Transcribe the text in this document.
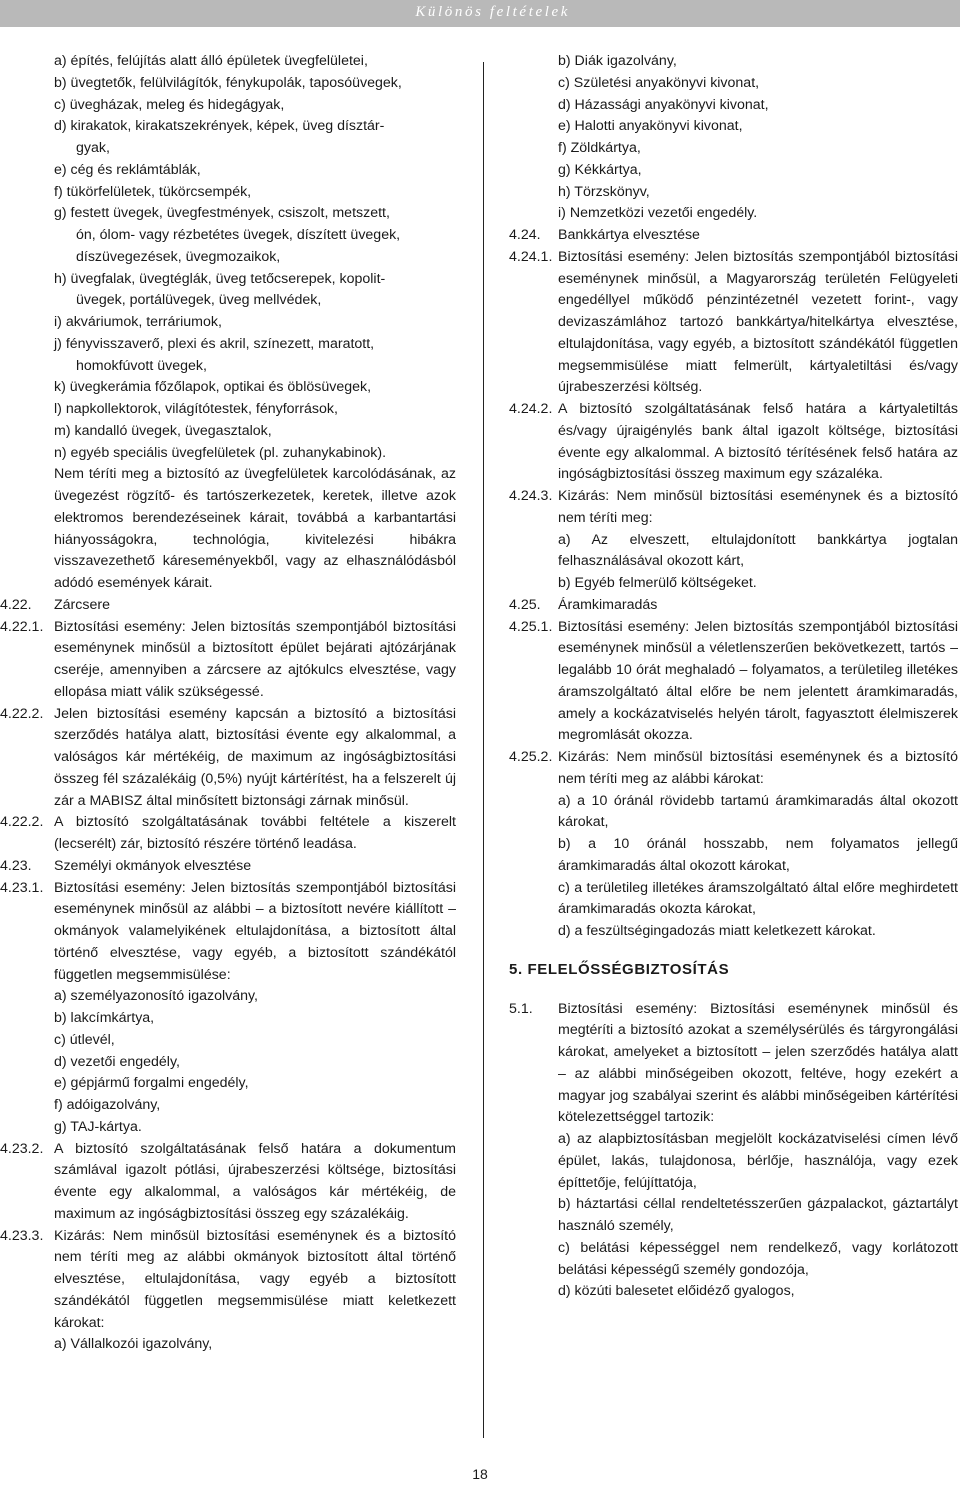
Különös feltételek
a) építés, felújítás alatt álló épületek üvegfelületei,
b) üvegtetők, felülvilágítók, fénykupolák, taposóüvegek,
c) üvegházak, meleg és hidegágyak,
d) kirakatok, kirakatszekrények, képek, üveg dísztár-
gyak,
e) cég és reklámtáblák,
f) tükörfelületek, tükörcsempék,
g) festett üvegek, üvegfestmények, csiszolt, metszett,
ón, ólom- vagy rézbetétes üvegek, díszített üvegek,
díszüvegezések, üvegmozaikok,
h) üvegfalak, üvegtéglák, üveg tetőcserepek, kopolit-
üvegek, portálüvegek, üveg mellvédek,
i) akváriumok, terráriumok,
j) fényvisszaverő, plexi és akril, színezett, maratott,
homokfúvott üvegek,
k) üvegkerámia főzőlapok, optikai és öblösüvegek,
l) napkollektorok, világítótestek, fényforrások,
m) kandalló üvegek, üvegasztalok,
n) egyéb speciális üvegfelületek (pl. zuhanykabinok).
Nem téríti meg a biztosító az üvegfelületek karcolódásának, az üvegezést rögzítő- és tartószerkezetek, keretek, illetve azok elektromos berendezéseinek kárait, továbbá a karbantartási hiányosságokra, technológia, kivitelezési hibákra visszavezethető káreseményekből, vagy az elhasználódásból adódó események kárait.
4.22. Zárcsere
4.22.1. Biztosítási esemény: Jelen biztosítás szempontjából biztosítási eseménynek minősül a biztosított épület bejárati ajtózárjának cseréje, amennyiben a zárcsere az ajtókulcs elvesztése, vagy ellopása miatt válik szükségessé.
4.22.2. Jelen biztosítási esemény kapcsán a biztosító a biztosítási szerződés hatálya alatt, biztosítási évente egy alkalommal, a valóságos kár mértékéig, de maximum az ingóságbiztosítási összeg fél százalékáig (0,5%) nyújt kártérítést, ha a felszerelt új zár a MABISZ által minősített biztonsági zárnak minősül.
4.22.2. A biztosító szolgáltatásának további feltétele a kiszerelt (lecserélt) zár, biztosító részére történő leadása.
4.23. Személyi okmányok elvesztése
4.23.1. Biztosítási esemény: Jelen biztosítás szempontjából biztosítási eseménynek minősül az alábbi – a biztosított nevére kiállított – okmányok valamelyikének eltulajdonítása, a biztosított által történő elvesztése, vagy egyéb, a biztosított szándékától független megsemmisülése:
a) személyazonosító igazolvány,
b) lakcímkártya,
c) útlevél,
d) vezetői engedély,
e) gépjármű forgalmi engedély,
f) adóigazolvány,
g) TAJ-kártya.
4.23.2. A biztosító szolgáltatásának felső határa a dokumentum számlával igazolt pótlási, újrabeszerzési költsége, biztosítási évente egy alkalommal, a valóságos kár mértékéig, de maximum az ingóságbiztosítási összeg egy százalékáig.
4.23.3. Kizárás: Nem minősül biztosítási eseménynek és a biztosító nem téríti meg az alábbi okmányok biztosított által történő elvesztése, eltulajdonítása, vagy egyéb a biztosított szándékától független megsemmisülése miatt keletkezett károkat:
a) Vállalkozói igazolvány,
b) Diák igazolvány,
c) Születési anyakönyvi kivonat,
d) Házassági anyakönyvi kivonat,
e) Halotti anyakönyvi kivonat,
f) Zöldkártya,
g) Kékkártya,
h) Törzskönyv,
i) Nemzetközi vezetői engedély.
4.24. Bankkártya elvesztése
4.24.1. Biztosítási esemény: Jelen biztosítás szempontjából biztosítási eseménynek minősül, a Magyarország területén Felügyeleti engedéllyel működő pénzintézetnél vezetett forint-, vagy devizaszámlához tartozó bankkártya/hitelkártya elvesztése, eltulajdonítása, vagy egyéb, a biztosított szándékától független megsemmisülése miatt felmerült, kártyaletiltási és/vagy újrabeszerzési költség.
4.24.2. A biztosító szolgáltatásának felső határa a kártyaletiltás és/vagy újraigénylés bank által igazolt költsége, biztosítási évente egy alkalommal. A biztosító térítésének felső határa az ingóságbiztosítási összeg maximum egy százaléka.
4.24.3. Kizárás: Nem minősül biztosítási eseménynek és a biztosító nem téríti meg:
a) Az elveszett, eltulajdonított bankkártya jogtalan felhasználásával okozott kárt,
b) Egyéb felmerülő költségeket.
4.25. Áramkimaradás
4.25.1. Biztosítási esemény: Jelen biztosítás szempontjából biztosítási eseménynek minősül a véletlenszerűen bekövetkezett, tartós – legalább 10 órát meghaladó – folyamatos, a területileg illetékes áramszolgáltató által előre be nem jelentett áramkimaradás, amely a kockázatviselés helyén tárolt, fagyasztott élelmiszerek megromlását okozza.
4.25.2. Kizárás: Nem minősül biztosítási eseménynek és a biztosító nem téríti meg az alábbi károkat:
a) a 10 óránál rövidebb tartamú áramkimaradás által okozott károkat,
b) a 10 óránál hosszabb, nem folyamatos jellegű áramkimaradás által okozott károkat,
c) a területileg illetékes áramszolgáltató által előre meghirdetett áramkimaradás okozta károkat,
d) a feszültségingadozás miatt keletkezett károkat.
5. FELELŐSSÉGBIZTOSÍTÁS
5.1. Biztosítási esemény: Biztosítási eseménynek minősül és megtéríti a biztosító azokat a személysérülés és tárgyrongálási károkat, amelyeket a biztosított – jelen szerződés hatálya alatt – az alábbi minőségeiben okozott, feltéve, hogy ezekért a magyar jog szabályai szerint és alábbi minőségeiben kártérítési kötelezettséggel tartozik:
a) az alapbiztosításban megjelölt kockázatviselési címen lévő épület, lakás, tulajdonosa, bérlője, használója, vagy ezek építtetője, felújíttatója,
b) háztartási céllal rendeltetésszerűen gázpalackot, gáztartályt használó személy,
c) belátási képességgel nem rendelkező, vagy korlátozott belátási képességű személy gondozója,
d) közúti balesetet előidéző gyalogos,
18
